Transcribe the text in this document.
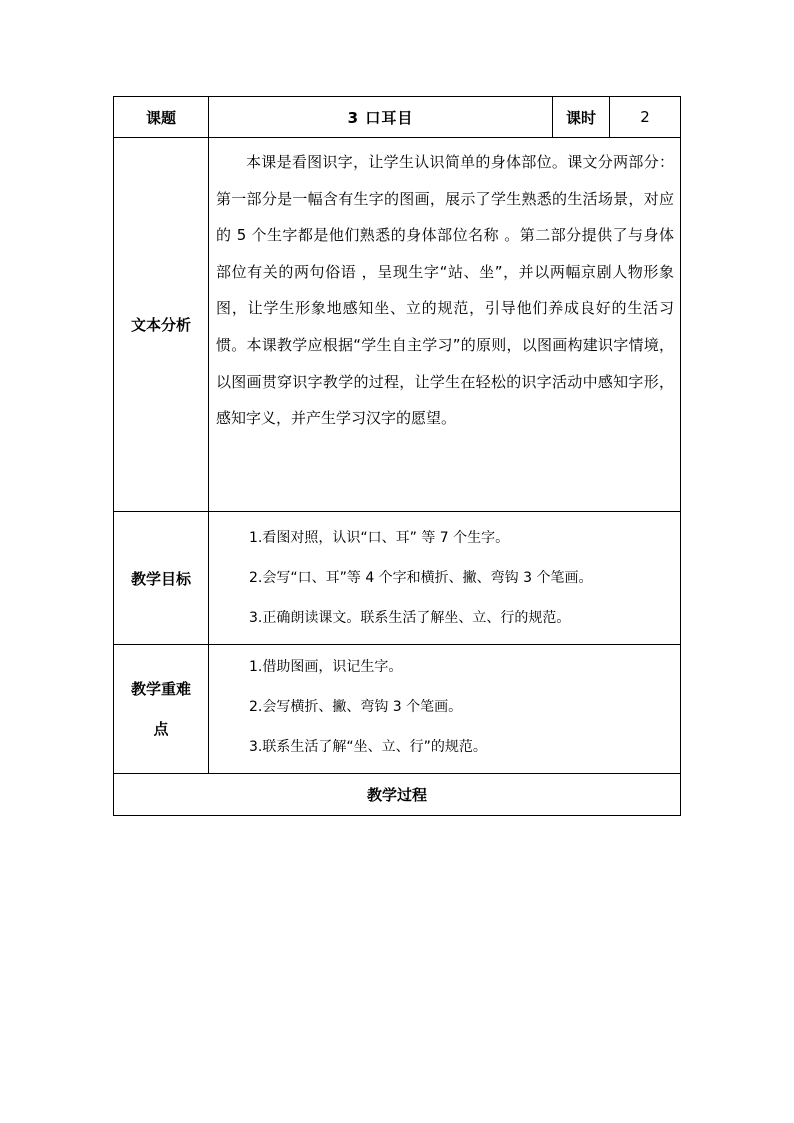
课题	3 口耳目	课时	2
文本分析	本课是看图识字，让学生认识简单的身体部位。课文分两部分：第一部分是一幅含有生字的图画，展示了学生熟悉的生活场景，对应的 5 个生字都是他们熟悉的身体部位名称 。第二部分提供了与身体部位有关的两句俗语 ，呈现生字“站、坐”，并以两幅京剧人物形象图，让学生形象地感知坐、立的规范，引导他们养成良好的生活习惯。本课教学应根据“学生自主学习”的原则，以图画构建识字情境，以图画贯穿识字教学的过程，让学生在轻松的识字活动中感知字形，感知字义，并产生学习汉字的愿望。		

教学目标	1.看图对照，认识“口、耳” 等 7 个生字。
2.会写“口、耳”等 4 个字和横折、撇、弯钩 3 个笔画。
3.正确朗读课文。联系生活了解坐、立、行的规范。		

教学重难点	1.借助图画，识记生字。
2.会写横折、撇、弯钩 3 个笔画。
3.联系生活了解“坐、立、行”的规范。		

教学过程			
